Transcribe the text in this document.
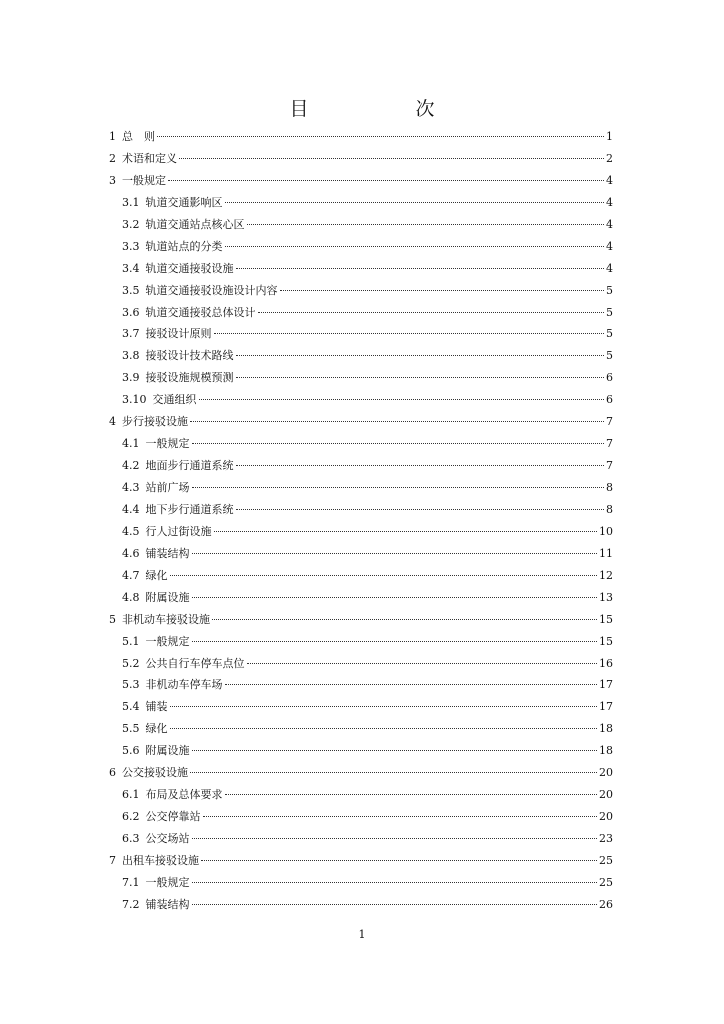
目　次
1 总　则	1
2 术语和定义	2
3 一般规定	4
3.1 轨道交通影响区	4
3.2 轨道交通站点核心区	4
3.3 轨道站点的分类	4
3.4 轨道交通接驳设施	4
3.5 轨道交通接驳设施设计内容	5
3.6 轨道交通接驳总体设计	5
3.7 接驳设计原则	5
3.8 接驳设计技术路线	5
3.9 接驳设施规模预测	6
3.10 交通组织	6
4 步行接驳设施	7
4.1 一般规定	7
4.2 地面步行通道系统	7
4.3 站前广场	8
4.4 地下步行通道系统	8
4.5 行人过街设施	10
4.6 铺装结构	11
4.7 绿化	12
4.8 附属设施	13
5 非机动车接驳设施	15
5.1 一般规定	15
5.2 公共自行车停车点位	16
5.3 非机动车停车场	17
5.4 铺装	17
5.5 绿化	18
5.6 附属设施	18
6 公交接驳设施	20
6.1 布局及总体要求	20
6.2 公交停靠站	20
6.3 公交场站	23
7 出租车接驳设施	25
7.1 一般规定	25
7.2 铺装结构	26
1
